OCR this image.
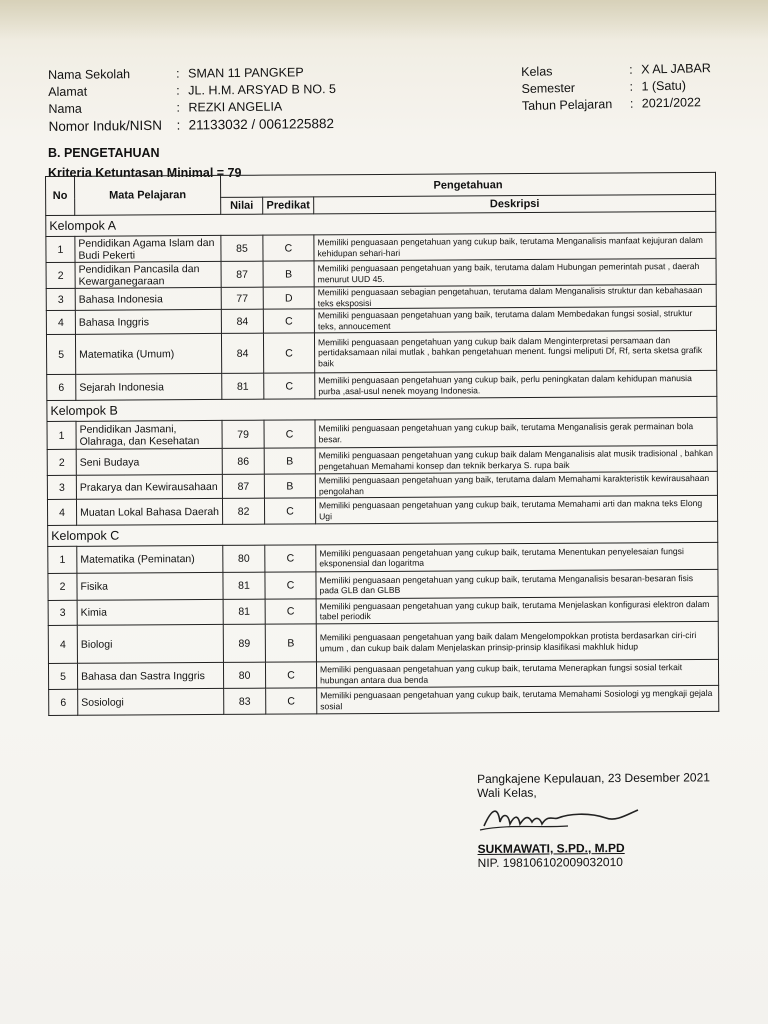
Nama Sekolah	: SMAN 11 PANGKEP
Alamat	: JL. H.M. ARSYAD B NO. 5
Nama	: REZKI ANGELIA
Nomor Induk/NISN	: 21133032 / 0061225882
Kelas	: X AL JABAR
Semester	: 1 (Satu)
Tahun Pelajaran	: 2021/2022
B. PENGETAHUAN
Kriteria Ketuntasan Minimal = 79
No	Mata Pelajaran	Pengetahuan		
		Nilai	Predikat	Deskripsi
Kelompok A				
1	Pendidikan Agama Islam dan Budi Pekerti	85	C	Memiliki penguasaan pengetahuan yang cukup baik, terutama Menganalisis manfaat kejujuran dalam kehidupan sehari-hari
2	Pendidikan Pancasila dan Kewarganegaraan	87	B	Memiliki penguasaan pengetahuan yang baik, terutama dalam Hubungan pemerintah pusat , daerah menurut UUD 45.
3	Bahasa Indonesia	77	D	Memiliki penguasaan sebagian pengetahuan, terutama dalam Menganalisis struktur dan kebahasaan teks eksposisi
4	Bahasa Inggris	84	C	Memiliki penguasaan pengetahuan yang baik, terutama dalam Membedakan fungsi sosial, struktur teks, annoucement
5	Matematika (Umum)	84	C	Memiliki penguasaan pengetahuan yang cukup baik dalam Menginterpretasi persamaan dan pertidaksamaan nilai mutlak , bahkan pengetahuan menent. fungsi meliputi Df, Rf, serta sketsa grafik baik
6	Sejarah Indonesia	81	C	Memiliki penguasaan pengetahuan yang cukup baik, perlu peningkatan dalam kehidupan manusia purba ,asal-usul nenek moyang Indonesia.
Kelompok B				
1	Pendidikan Jasmani, Olahraga, dan Kesehatan	79	C	Memiliki penguasaan pengetahuan yang cukup baik, terutama Menganalisis gerak permainan bola besar.
2	Seni Budaya	86	B	Memiliki penguasaan pengetahuan yang cukup baik dalam Menganalisis alat musik tradisional , bahkan pengetahuan Memahami konsep dan teknik berkarya S. rupa baik
3	Prakarya dan Kewirausahaan	87	B	Memiliki penguasaan pengetahuan yang baik, terutama dalam Memahami karakteristik kewirausahaan pengolahan
4	Muatan Lokal Bahasa Daerah	82	C	Memiliki penguasaan pengetahuan yang cukup baik, terutama Memahami arti dan makna teks Elong Ugi
Kelompok C				
1	Matematika (Peminatan)	80	C	Memiliki penguasaan pengetahuan yang cukup baik, terutama Menentukan penyelesaian fungsi eksponensial dan logaritma
2	Fisika	81	C	Memiliki penguasaan pengetahuan yang cukup baik, terutama Menganalisis besaran-besaran fisis pada GLB dan GLBB
3	Kimia	81	C	Memiliki penguasaan pengetahuan yang cukup baik, terutama Menjelaskan konfigurasi elektron dalam tabel periodik
4	Biologi	89	B	Memiliki penguasaan pengetahuan yang baik dalam Mengelompokkan protista berdasarkan ciri-ciri umum , dan cukup baik dalam Menjelaskan prinsip-prinsip klasifikasi makhluk hidup
5	Bahasa dan Sastra Inggris	80	C	Memiliki penguasaan pengetahuan yang cukup baik, terutama Menerapkan fungsi sosial terkait hubungan antara dua benda
6	Sosiologi	83	C	Memiliki penguasaan pengetahuan yang cukup baik, terutama Memahami Sosiologi yg mengkaji gejala sosial
Pangkajene Kepulauan, 23 Desember 2021
Wali Kelas,
SUKMAWATI, S.PD., M.PD
NIP. 198106102009032010
